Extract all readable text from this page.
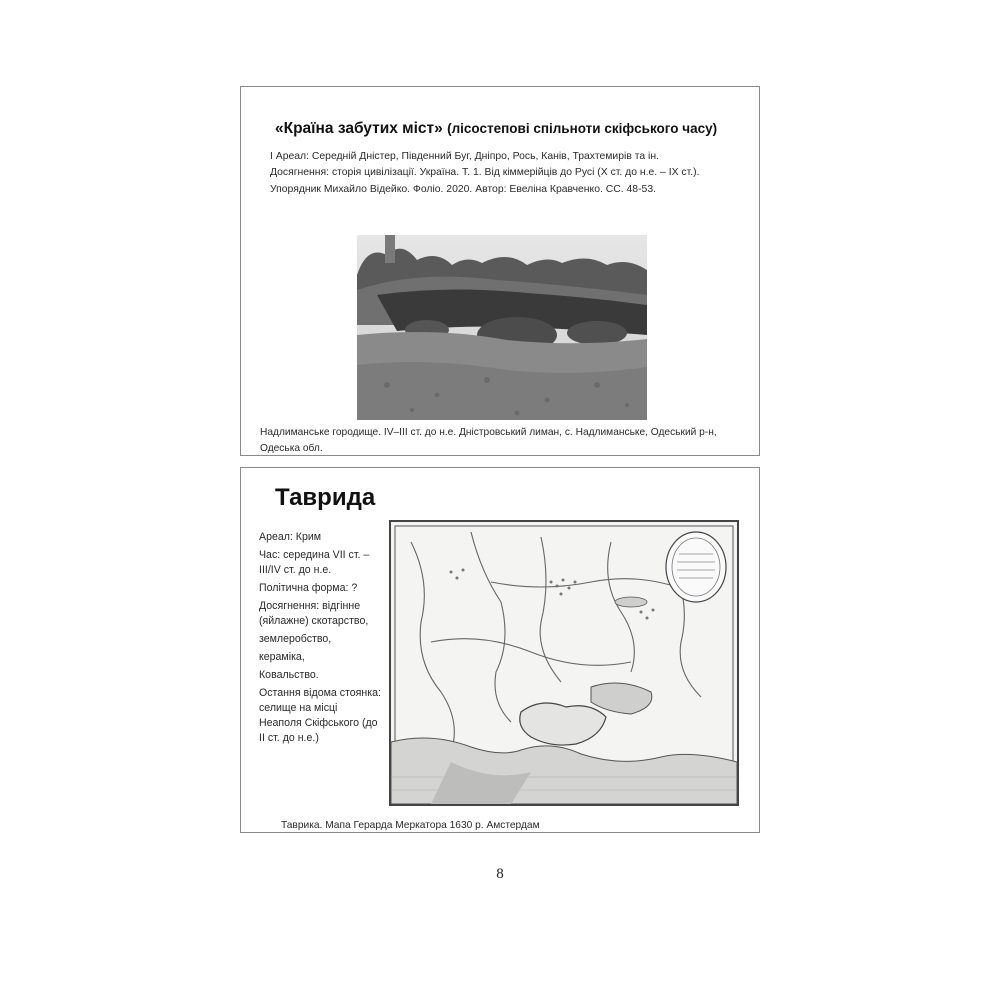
«Країна забутих міст» (лісостепові спільноти скіфського часу)
І Ареал: Середній Дністер, Південний Буг, Дніпро, Рось, Канів, Трахтемирів та ін.
Досягнення: сторія цивілізації. Україна. Т. 1. Від кіммерійців до Русі (X ст. до н.е. – IX ст.).
Упорядник Михайло Відейко. Фоліо. 2020. Автор: Евеліна Кравченко. СС. 48-53.
Надлиманське городище. IV–III ст. до н.е. Дністровський лиман, с. Надлиманське, Одеський р-н, Одеська обл.
Таврида
Ареал: Крим
Час: середина VII ст. – III/IV ст. до н.е.
Політична форма: ?
Досягнення: відгінне (яйлажне) скотарство,
землеробство,
кераміка,
Ковальство.
Остання відома стоянка: селище на місці Неаполя Скіфського (до II ст. до н.е.)
Таврика. Мапа Герарда Меркатора 1630 р. Амстердам
8
